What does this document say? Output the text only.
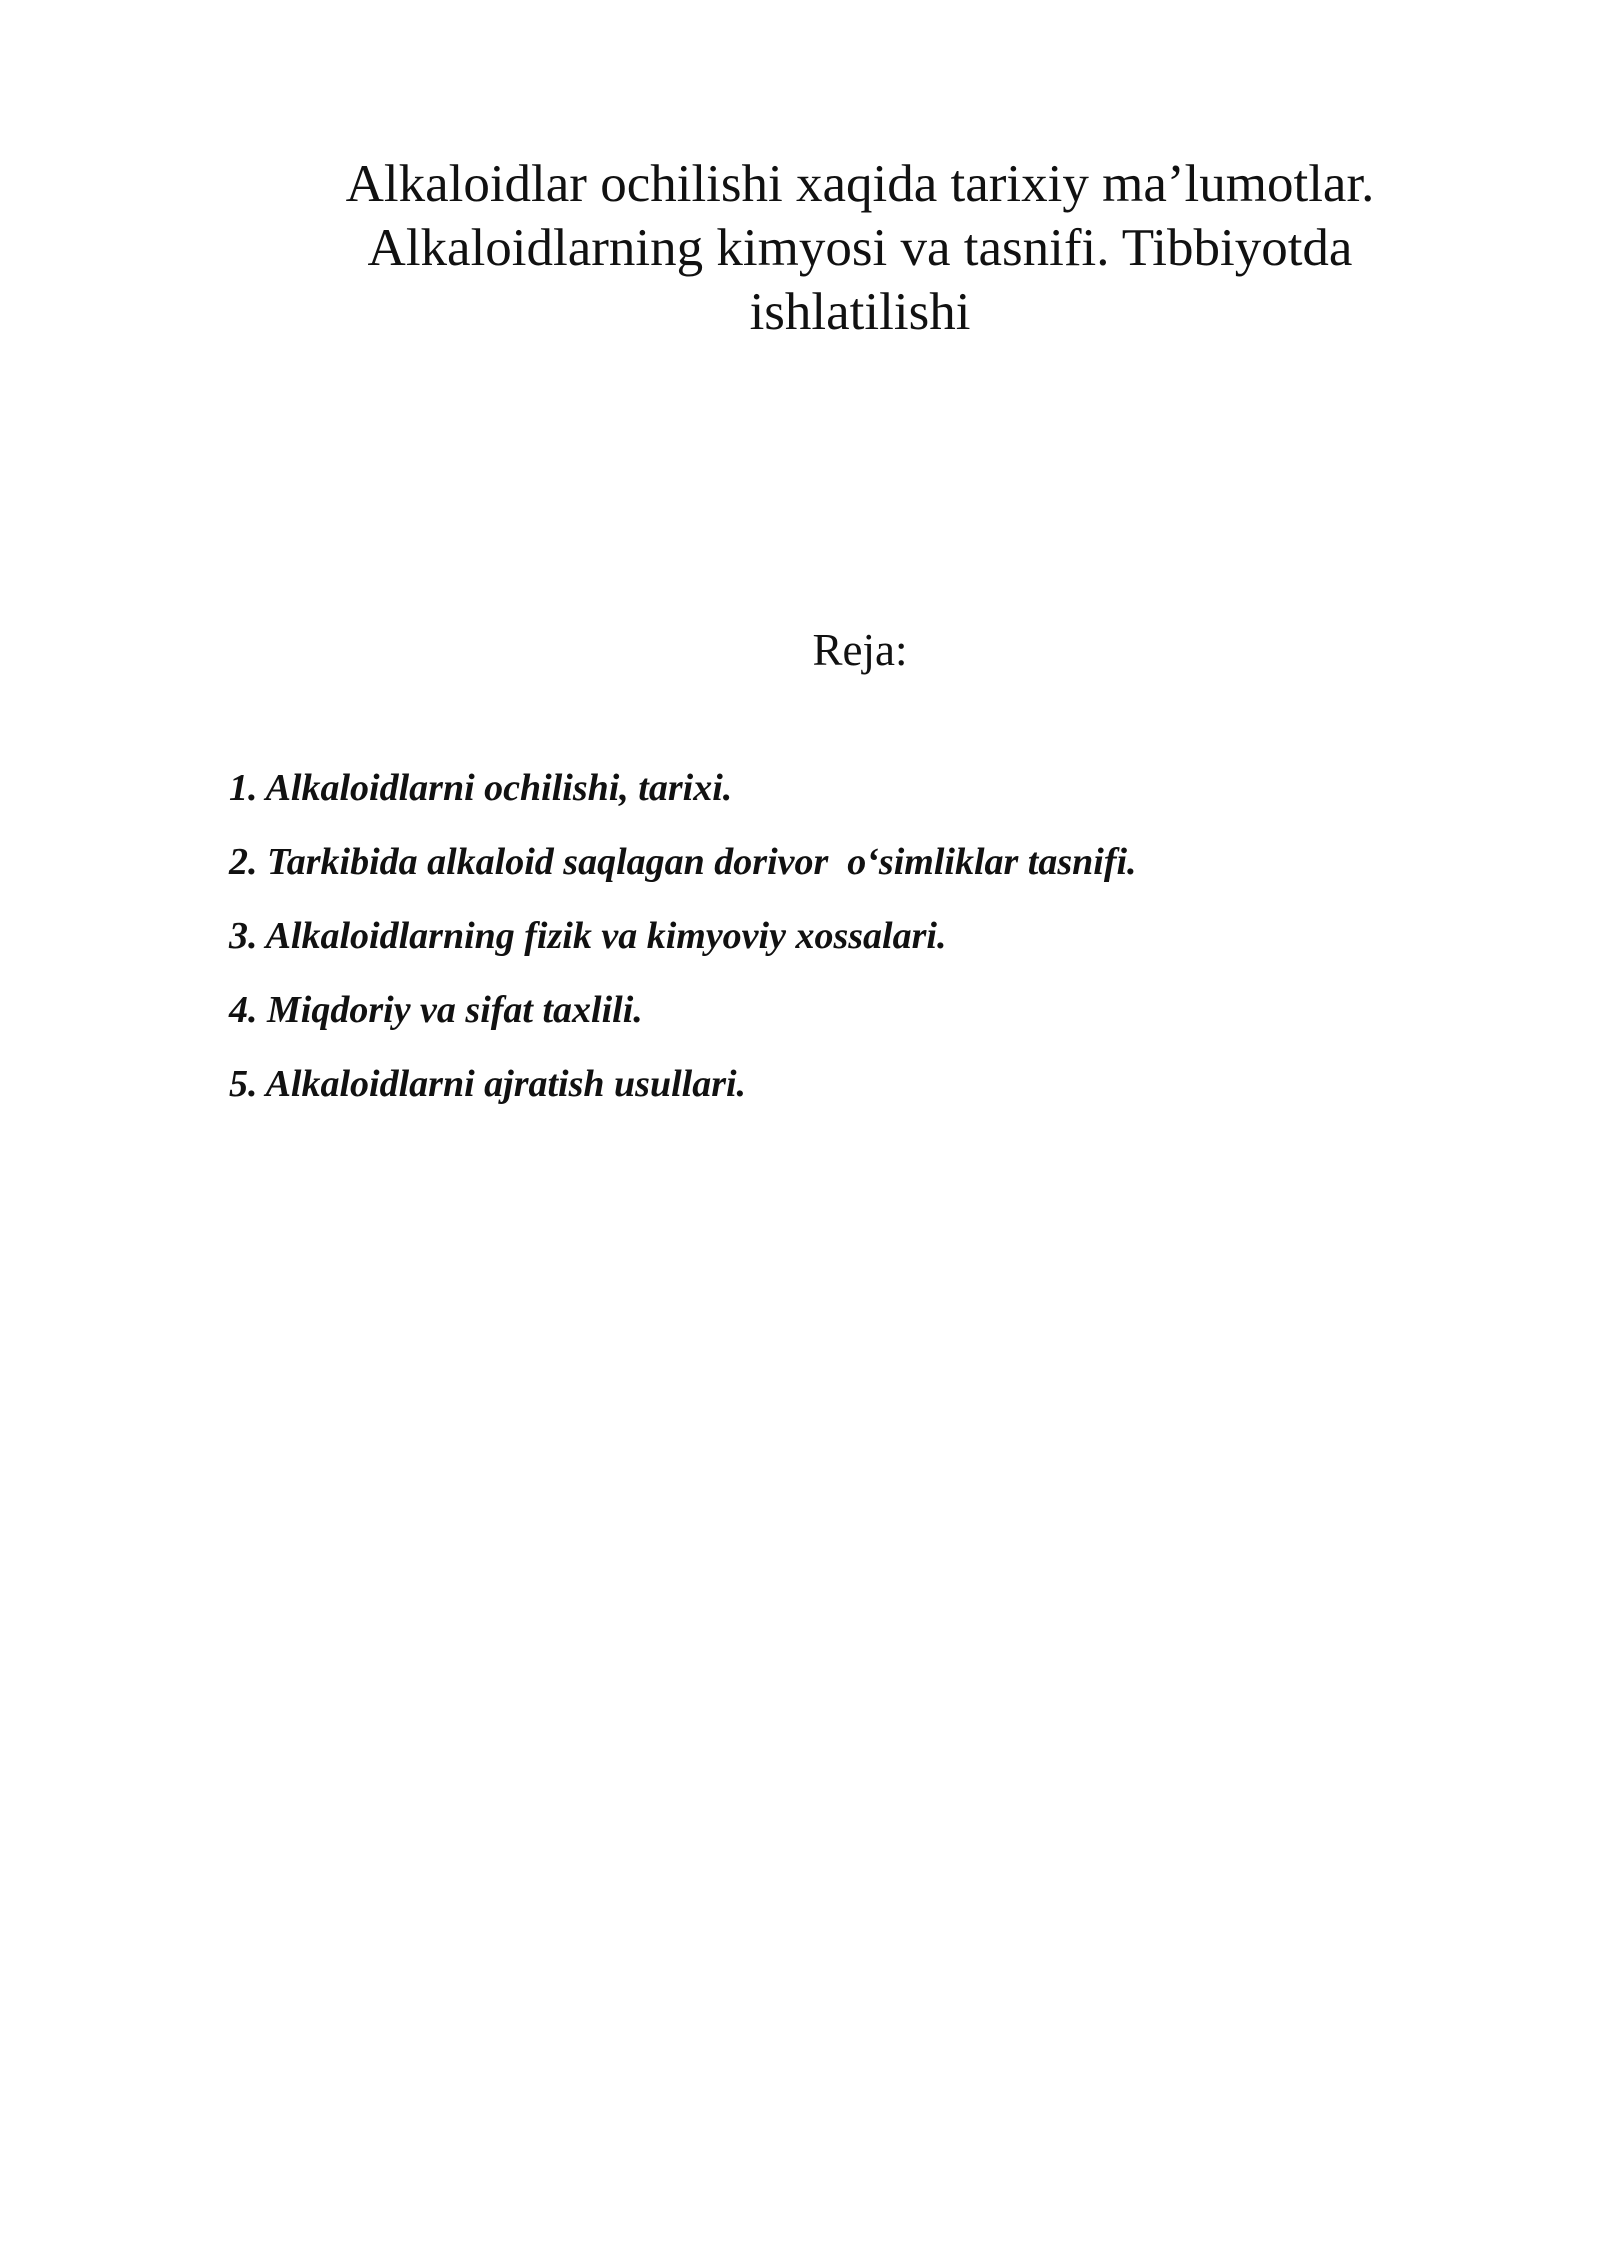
Alkaloidlar ochilishi xaqida tarixiy ma’lumotlar.
Alkaloidlarning kimyosi va tasnifi. Tibbiyotda
ishlatilishi
Reja:
1. Alkaloidlarni ochilishi, tarixi.
2. Tarkibida alkaloid saqlagan dorivor  o‘simliklar tasnifi.
3. Alkaloidlarning fizik va kimyoviy xossalari.
4. Miqdoriy va sifat taxlili.
5. Alkaloidlarni ajratish usullari.
